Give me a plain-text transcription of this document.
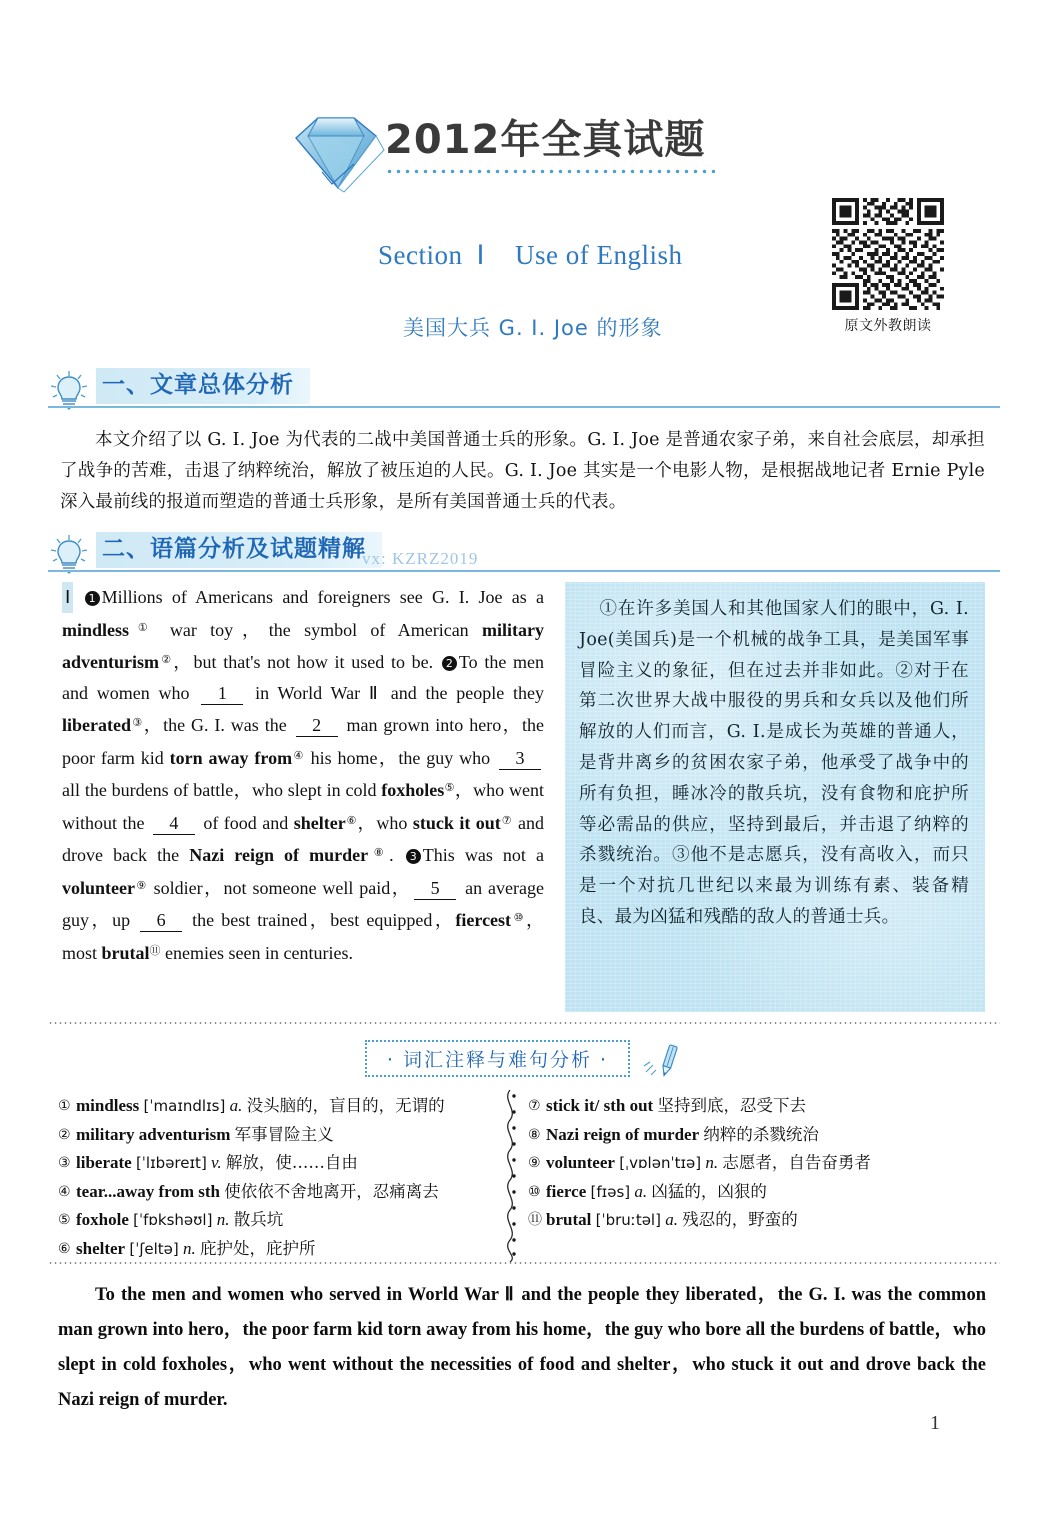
2012年全真试题
Section Ⅰ Use of English
美国大兵 G. I. Joe 的形象	原文外教朗读
一、文章总体分析
本文介绍了以 G. I. Joe 为代表的二战中美国普通士兵的形象。G. I. Joe 是普通农家子弟，来自社会底层，却承担了战争的苦难，击退了纳粹统治，解放了被压迫的人民。G. I. Joe 其实是一个电影人物，是根据战地记者 Ernie Pyle 深入最前线的报道而塑造的普通士兵形象，是所有美国普通士兵的代表。
二、语篇分析及试题精解
vx: KZRZ2019
Ⅰ 1 Millions of Americans and foreigners see G. I. Joe as a mindless① war toy，the symbol of American military adventurism②，but that's not how it used to be. 2 To the men and women who 1 in World War Ⅱ and the people they liberated③，the G. I. was the 2 man grown into hero，the poor farm kid torn away from④ his home，the guy who 3 all the burdens of battle，who slept in cold foxholes⑤，who went without the 4 of food and shelter⑥，who stuck it out⑦ and drove back the Nazi reign of murder⑧. 3 This was not a volunteer⑨ soldier，not someone well paid， 5 an average guy，up 6 the best trained，best equipped，fiercest⑩，most brutal⑪ enemies seen in centuries.
①在许多美国人和其他国家人们的眼中，G. I. Joe(美国兵)是一个机械的战争工具，是美国军事冒险主义的象征，但在过去并非如此。②对于在第二次世界大战中服役的男兵和女兵以及他们所解放的人们而言，G. I.是成长为英雄的普通人，是背井离乡的贫困农家子弟，他承受了战争中的所有负担，睡冰冷的散兵坑，没有食物和庇护所等必需品的供应，坚持到最后，并击退了纳粹的杀戮统治。③他不是志愿兵，没有高收入，而只是一个对抗几世纪以来最为训练有素、装备精良、最为凶猛和残酷的敌人的普通士兵。
· 词汇注释与难句分析 ·
① mindless [ˈmaɪndlɪs] a. 没头脑的，盲目的，无谓的
② military adventurism 军事冒险主义
③ liberate [ˈlɪbəreɪt] v. 解放，使……自由
④ tear...away from sth 使依依不舍地离开，忍痛离去
⑤ foxhole [ˈfɒkshəʊl] n. 散兵坑
⑥ shelter [ˈʃeltə] n. 庇护处，庇护所
⑦ stick it/ sth out 坚持到底，忍受下去
⑧ Nazi reign of murder 纳粹的杀戮统治
⑨ volunteer [ˌvɒlənˈtɪə] n. 志愿者，自告奋勇者
⑩ fierce [fɪəs] a. 凶猛的，凶狠的
⑪ brutal [ˈbruːtəl] a. 残忍的，野蛮的
To the men and women who served in World War Ⅱ and the people they liberated，the G. I. was the common man grown into hero，the poor farm kid torn away from his home，the guy who bore all the burdens of battle，who slept in cold foxholes，who went without the necessities of food and shelter，who stuck it out and drove back the Nazi reign of murder.
1
